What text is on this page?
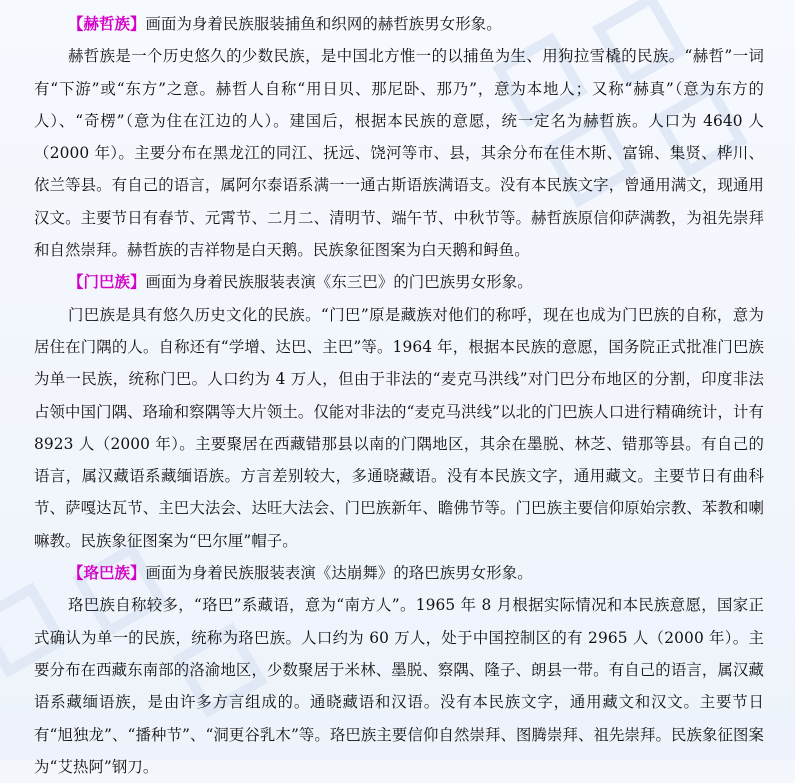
【赫哲族】画面为身着民族服装捕鱼和织网的赫哲族男女形象。

赫哲族是一个历史悠久的少数民族，是中国北方惟一的以捕鱼为生、用狗拉雪橇的民族。“赫哲”一词有“下游”或“东方”之意。赫哲人自称“用日贝、那尼卧、那乃”，意为本地人；又称“赫真”（意为东方的人）、“奇楞”（意为住在江边的人）。建国后，根据本民族的意愿，统一定名为赫哲族。人口为 4640 人（2000 年）。主要分布在黑龙江的同江、抚远、饶河等市、县，其余分布在佳木斯、富锦、集贤、桦川、依兰等县。有自己的语言，属阿尔泰语系满一一通古斯语族满语支。没有本民族文字，曾通用满文，现通用汉文。主要节日有春节、元霄节、二月二、清明节、端午节、中秋节等。赫哲族原信仰萨满教，为祖先崇拜和自然崇拜。赫哲族的吉祥物是白天鹅。民族象征图案为白天鹅和鲟鱼。

【门巴族】画面为身着民族服装表演《东三巴》的门巴族男女形象。

门巴族是具有悠久历史文化的民族。“门巴”原是藏族对他们的称呼，现在也成为门巴族的自称，意为居住在门隅的人。自称还有“学增、达巴、主巴”等。1964 年，根据本民族的意愿，国务院正式批准门巴族为单一民族，统称门巴。人口约为 4 万人，但由于非法的“麦克马洪线”对门巴分布地区的分割，印度非法占领中国门隅、珞瑜和察隅等大片领土。仅能对非法的“麦克马洪线”以北的门巴族人口进行精确统计，计有 8923 人（2000 年）。主要聚居在西藏错那县以南的门隅地区，其余在墨脱、林芝、错那等县。有自己的语言，属汉藏语系藏缅语族。方言差别较大，多通晓藏语。没有本民族文字，通用藏文。主要节日有曲科节、萨嘎达瓦节、主巴大法会、达旺大法会、门巴族新年、瞻佛节等。门巴族主要信仰原始宗教、苯教和喇嘛教。民族象征图案为“巴尔厘”帽子。

【珞巴族】画面为身着民族服装表演《达崩舞》的珞巴族男女形象。

珞巴族自称较多，“珞巴”系藏语，意为“南方人”。1965 年 8 月根据实际情况和本民族意愿，国家正式确认为单一的民族，统称为珞巴族。人口约为 60 万人，处于中国控制区的有 2965 人（2000 年）。主要分布在西藏东南部的洛渝地区，少数聚居于米林、墨脱、察隅、隆子、朗县一带。有自己的语言，属汉藏语系藏缅语族，是由许多方言组成的。通晓藏语和汉语。没有本民族文字，通用藏文和汉文。主要节日有“旭独龙”、“播种节”、“洞更谷乳木”等。珞巴族主要信仰自然崇拜、图腾崇拜、祖先崇拜。民族象征图案为“艾热阿”钢刀。
